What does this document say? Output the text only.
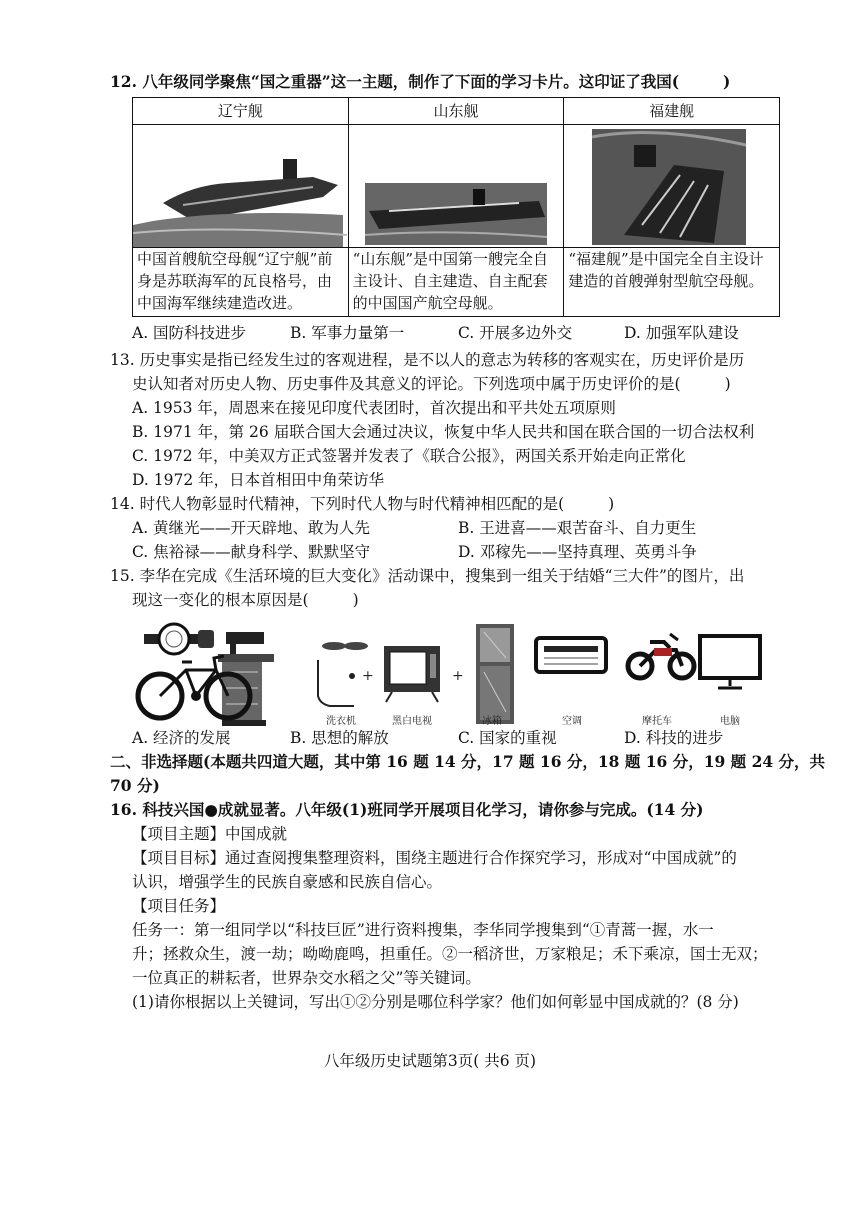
12. 八年级同学聚焦“国之重器”这一主题，制作了下面的学习卡片。这印证了我国(	)
辽宁舰	山东舰	福建舰

中国首艘航空母舰“辽宁舰”前身是苏联海军的瓦良格号，由中国海军继续建造改进。	“山东舰”是中国第一艘完全自主设计、自主建造、自主配套的中国国产航空母舰。	“福建舰”是中国完全自主设计建造的首艘弹射型航空母舰。
A. 国防科技进步	B. 军事力量第一	C. 开展多边外交	D. 加强军队建设
13. 历史事实是指已经发生过的客观进程，是不以人的意志为转移的客观实在，历史评价是历
史认知者对历史人物、历史事件及其意义的评论。下列选项中属于历史评价的是(	)
A. 1953 年，周恩来在接见印度代表团时，首次提出和平共处五项原则
B. 1971 年，第 26 届联合国大会通过决议，恢复中华人民共和国在联合国的一切合法权利
C. 1972 年，中美双方正式签署并发表了《联合公报》，两国关系开始走向正常化
D. 1972 年，日本首相田中角荣访华
14. 时代人物彰显时代精神，下列时代人物与时代精神相匹配的是(	)
A. 黄继光——开天辟地、敢为人先	B. 王进喜——艰苦奋斗、自力更生
C. 焦裕禄——献身科学、默默坚守	D. 邓稼先——坚持真理、英勇斗争
15. 李华在完成《生活环境的巨大变化》活动课中，搜集到一组关于结婚“三大件”的图片，出
现这一变化的根本原因是(	)
+	+
洗衣机	黑白电视	冰箱	空调	摩托车	电脑
A. 经济的发展	B. 思想的解放	C. 国家的重视	D. 科技的进步
二、非选择题(本题共四道大题，其中第 16 题 14 分，17 题 16 分，18 题 16 分，19 题 24 分，共
70 分)
16. 科技兴国●成就显著。八年级(1)班同学开展项目化学习，请你参与完成。(14 分)
【项目主题】中国成就
【项目目标】通过查阅搜集整理资料，围绕主题进行合作探究学习，形成对“中国成就”的
认识，增强学生的民族自豪感和民族自信心。
【项目任务】
任务一：第一组同学以“科技巨匠”进行资料搜集，李华同学搜集到“①青蒿一握，水一
升；拯救众生，渡一劫；呦呦鹿鸣，担重任。②一稻济世，万家粮足；禾下乘凉，国士无双；
一位真正的耕耘者，世界杂交水稻之父”等关键词。
(1)请你根据以上关键词，写出①②分别是哪位科学家？他们如何彰显中国成就的？(8 分)
八年级历史试题第3页( 共6 页)
